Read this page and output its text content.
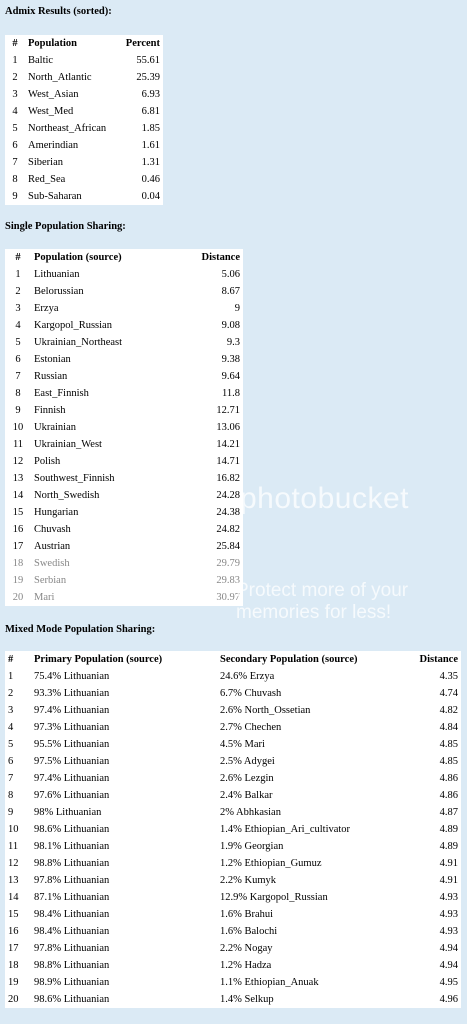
Admix Results (sorted):
#	Population	Percent
1	Baltic	55.61
2	North_Atlantic	25.39
3	West_Asian	6.93
4	West_Med	6.81
5	Northeast_African	1.85
6	Amerindian	1.61
7	Siberian	1.31
8	Red_Sea	0.46
9	Sub-Saharan	0.04
Single Population Sharing:
#	Population (source)	Distance
1	Lithuanian	5.06
2	Belorussian	8.67
3	Erzya	9
4	Kargopol_Russian	9.08
5	Ukrainian_Northeast	9.3
6	Estonian	9.38
7	Russian	9.64
8	East_Finnish	11.8
9	Finnish	12.71
10	Ukrainian	13.06
11	Ukrainian_West	14.21
12	Polish	14.71
13	Southwest_Finnish	16.82
14	North_Swedish	24.28
15	Hungarian	24.38
16	Chuvash	24.82
17	Austrian	25.84
18	Swedish	29.79
19	Serbian	29.83
20	Mari	30.97
Mixed Mode Population Sharing:
#	Primary Population (source)	Secondary Population (source)	Distance
1	75.4% Lithuanian	24.6% Erzya	4.35
2	93.3% Lithuanian	6.7% Chuvash	4.74
3	97.4% Lithuanian	2.6% North_Ossetian	4.82
4	97.3% Lithuanian	2.7% Chechen	4.84
5	95.5% Lithuanian	4.5% Mari	4.85
6	97.5% Lithuanian	2.5% Adygei	4.85
7	97.4% Lithuanian	2.6% Lezgin	4.86
8	97.6% Lithuanian	2.4% Balkar	4.86
9	98% Lithuanian	2% Abhkasian	4.87
10	98.6% Lithuanian	1.4% Ethiopian_Ari_cultivator	4.89
11	98.1% Lithuanian	1.9% Georgian	4.89
12	98.8% Lithuanian	1.2% Ethiopian_Gumuz	4.91
13	97.8% Lithuanian	2.2% Kumyk	4.91
14	87.1% Lithuanian	12.9% Kargopol_Russian	4.93
15	98.4% Lithuanian	1.6% Brahui	4.93
16	98.4% Lithuanian	1.6% Balochi	4.93
17	97.8% Lithuanian	2.2% Nogay	4.94
18	98.8% Lithuanian	1.2% Hadza	4.94
19	98.9% Lithuanian	1.1% Ethiopian_Anuak	4.95
20	98.6% Lithuanian	1.4% Selkup	4.96
photobucket
Protect more of your memories for less!
